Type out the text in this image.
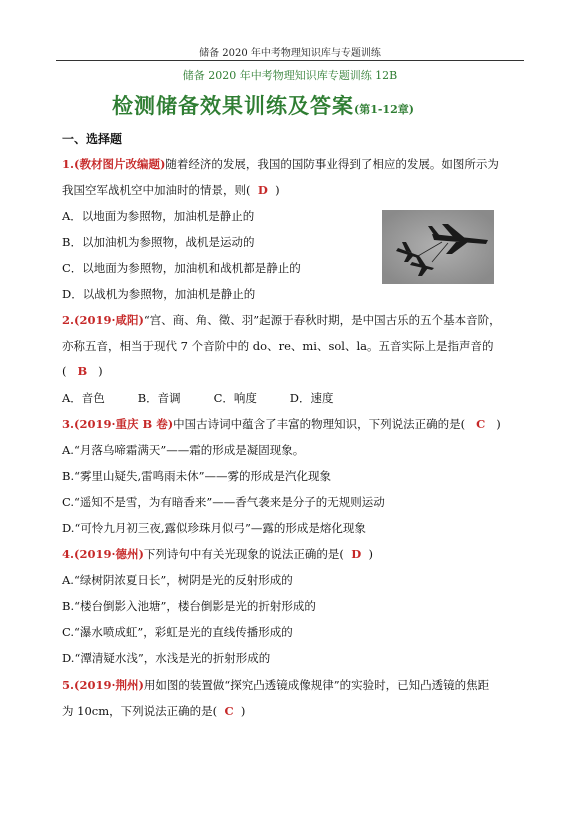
储备 2020 年中考物理知识库与专题训练
储备 2020 年中考物理知识库专题训练 12B
检测储备效果训练及答案(第1-12章)
一、选择题
1.(教材图片改编题)随着经济的发展，我国的国防事业得到了相应的发展。如图所示为
我国空军战机空中加油时的情景，则( D )
A．以地面为参照物，加油机是静止的
B．以加油机为参照物，战机是运动的
C．以地面为参照物，加油机和战机都是静止的
D．以战机为参照物，加油机是静止的
2.(2019·咸阳)“宫、商、角、徵、羽”起源于春秋时期，是中国古乐的五个基本音阶，
亦称五音，相当于现代 7 个音阶中的 do、re、mi、sol、la。五音实际上是指声音的
( B )
A．音色	B．音调	C．响度	D．速度
3.(2019·重庆 B 卷)中国古诗词中蕴含了丰富的物理知识，下列说法正确的是( C )
A.“月落乌啼霜满天”——霜的形成是凝固现象。
B.“雾里山疑失,雷鸣雨未休”——雾的形成是汽化现象
C.“遥知不是雪，为有暗香来”——香气袭来是分子的无规则运动
D.“可怜九月初三夜,露似珍珠月似弓”—露的形成是熔化现象
4.(2019·德州)下列诗句中有关光现象的说法正确的是( D )
A.“绿树阴浓夏日长”，树阴是光的反射形成的
B.“楼台倒影入池塘”，楼台倒影是光的折射形成的
C.“瀑水喷成虹”，彩虹是光的直线传播形成的
D.“潭清疑水浅”，水浅是光的折射形成的
5.(2019·荆州)用如图的装置做“探究凸透镜成像规律”的实验时，已知凸透镜的焦距
为 10cm，下列说法正确的是( C )
